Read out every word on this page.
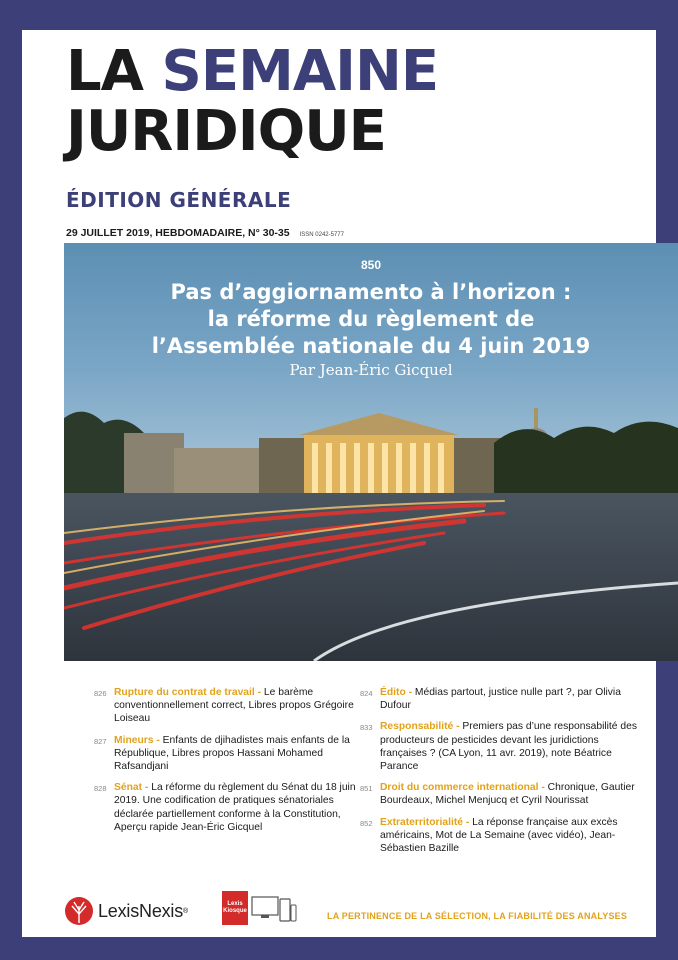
LA SEMAINE
JURIDIQUE
ÉDITION GÉNÉRALE
29 JUILLET 2019, HEBDOMADAIRE, N° 30-35 ISSN 0242-5777
850
Pas d’aggiornamento à l’horizon :
la réforme du règlement de
l’Assemblée nationale du 4 juin 2019
Par Jean-Éric Gicquel
826 Rupture du contrat de travail - Le barème conventionnellement correct, Libres propos Grégoire Loiseau
827 Mineurs - Enfants de djihadistes mais enfants de la République, Libres propos Hassani Mohamed Rafsandjani
828 Sénat - La réforme du règlement du Sénat du 18 juin 2019. Une codification de pratiques sénatoriales déclarée partiellement conforme à la Constitution, Aperçu rapide Jean-Éric Gicquel
824 Édito - Médias partout, justice nulle part ?, par Olivia Dufour
833 Responsabilité - Premiers pas d’une responsabilité des producteurs de pesticides devant les juridictions françaises ? (CA Lyon, 11 avr. 2019), note Béatrice Parance
851 Droit du commerce international - Chronique, Gautier Bourdeaux, Michel Menjucq et Cyril Nourissat
852 Extraterritorialité - La réponse française aux excès américains, Mot de La Semaine (avec vidéo), Jean-Sébastien Bazille
LexisNexis ®
Lexis
Kiosque	LA PERTINENCE DE LA SÉLECTION, LA FIABILITÉ DES ANALYSES
